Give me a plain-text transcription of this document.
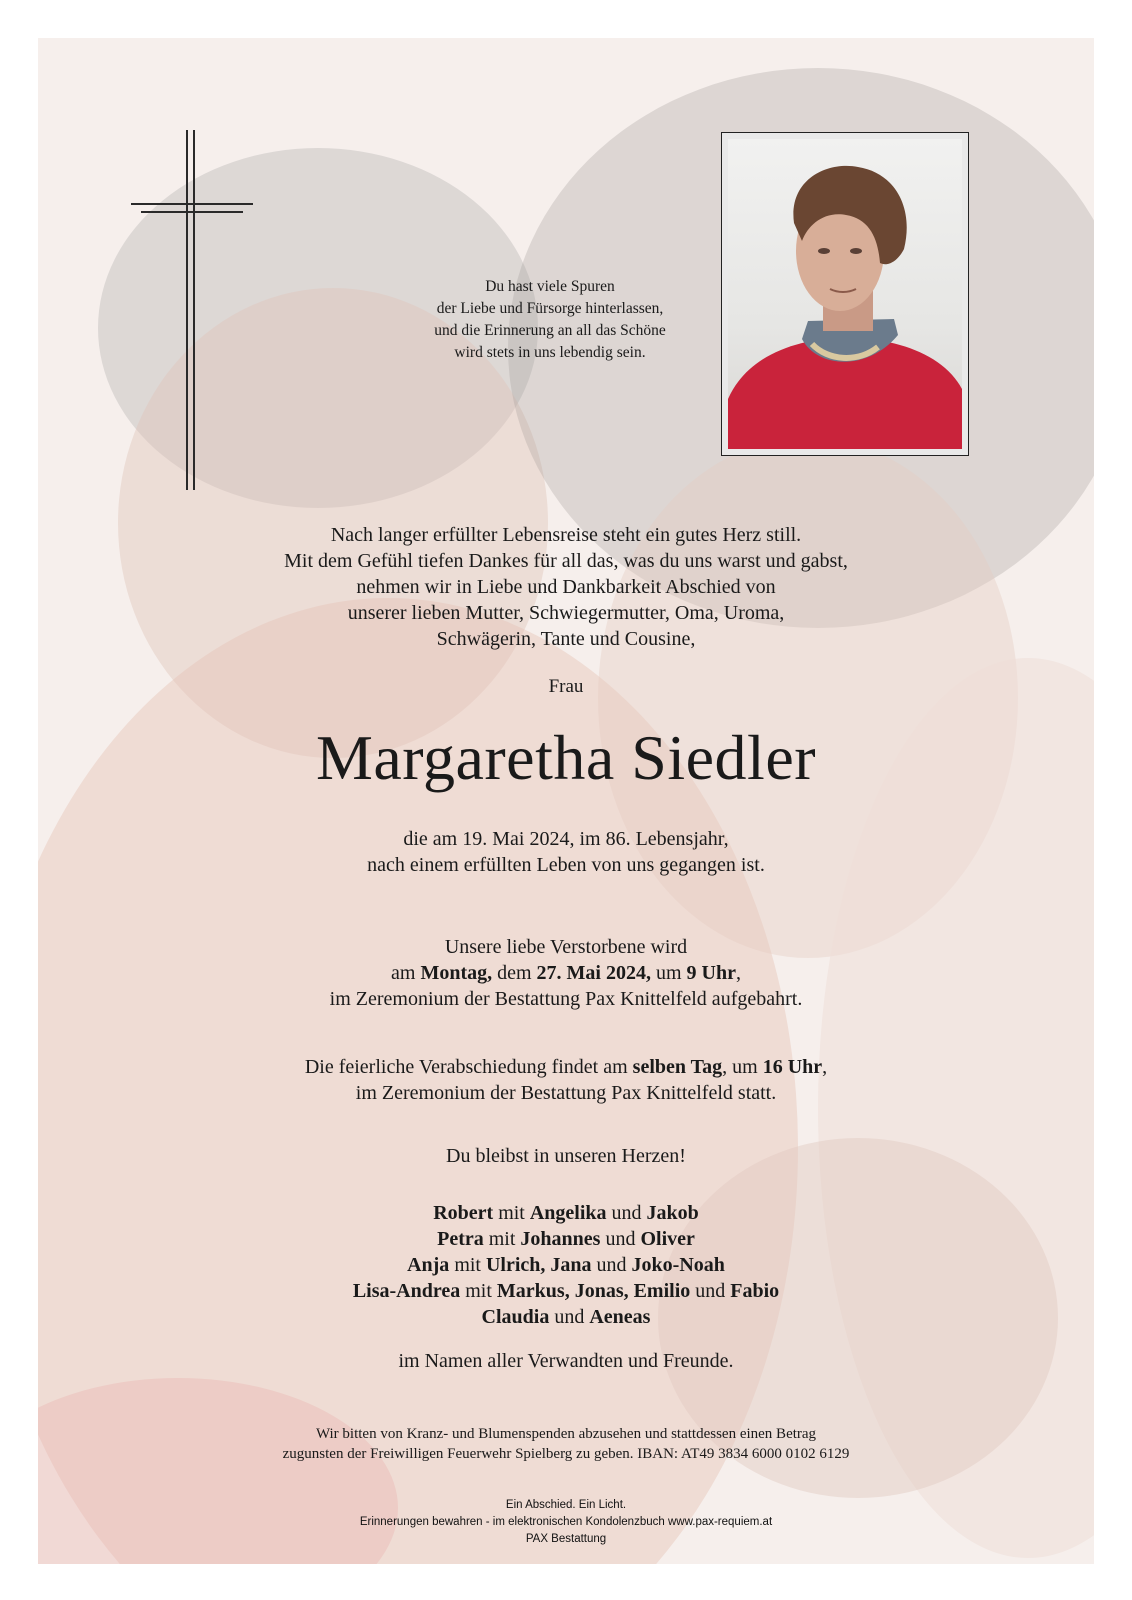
Du hast viele Spuren
der Liebe und Fürsorge hinterlassen,
und die Erinnerung an all das Schöne
wird stets in uns lebendig sein.
Nach langer erfüllter Lebensreise steht ein gutes Herz still.
Mit dem Gefühl tiefen Dankes für all das, was du uns warst und gabst,
nehmen wir in Liebe und Dankbarkeit Abschied von
unserer lieben Mutter, Schwiegermutter, Oma, Uroma,
Schwägerin, Tante und Cousine,
Frau
Margaretha Siedler
die am 19. Mai 2024, im 86. Lebensjahr,
nach einem erfüllten Leben von uns gegangen ist.
Unsere liebe Verstorbene wird
am Montag, dem 27. Mai 2024, um 9 Uhr,
im Zeremonium der Bestattung Pax Knittelfeld aufgebahrt.
Die feierliche Verabschiedung findet am selben Tag, um 16 Uhr,
im Zeremonium der Bestattung Pax Knittelfeld statt.
Du bleibst in unseren Herzen!
Robert mit Angelika und Jakob
Petra mit Johannes und Oliver
Anja mit Ulrich, Jana und Joko-Noah
Lisa-Andrea mit Markus, Jonas, Emilio und Fabio
Claudia und Aeneas
im Namen aller Verwandten und Freunde.
Wir bitten von Kranz- und Blumenspenden abzusehen und stattdessen einen Betrag
zugunsten der Freiwilligen Feuerwehr Spielberg zu geben. IBAN: AT49 3834 6000 0102 6129
Ein Abschied. Ein Licht.
Erinnerungen bewahren - im elektronischen Kondolenzbuch www.pax-requiem.at
PAX Bestattung
